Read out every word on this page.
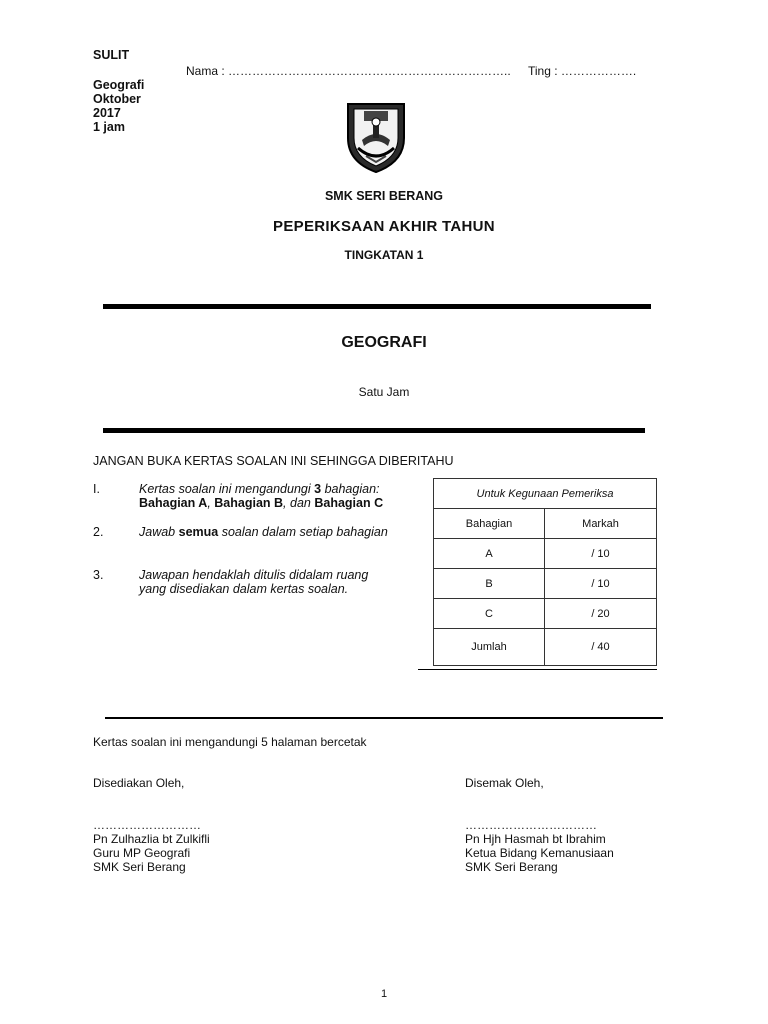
SULIT
Geografi
Oktober
2017
1 jam
Nama : …………………………………………………………….. Ting : ……………….
SMK SERI BERANG
PEPERIKSAAN AKHIR TAHUN
TINGKATAN 1
GEOGRAFI
Satu Jam
JANGAN BUKA KERTAS SOALAN INI SEHINGGA DIBERITAHU
I.	Kertas soalan ini mengandungi 3 bahagian:
Bahagian A, Bahagian B, dan Bahagian C
2.	Jawab semua soalan dalam setiap bahagian
3.	Jawapan hendaklah ditulis didalam ruang
yang disediakan dalam kertas soalan.
Untuk Kegunaan Pemeriksa	
Bahagian	Markah
A	/ 10
B	/ 10
C	/ 20
Jumlah	/ 40
Kertas soalan ini mengandungi 5 halaman bercetak
Disediakan Oleh,
………………………
Pn Zulhazlia bt Zulkifli
Guru MP Geografi
SMK Seri Berang
Disemak Oleh,
……………………………
Pn Hjh Hasmah bt Ibrahim
Ketua Bidang Kemanusiaan
SMK Seri Berang
1
